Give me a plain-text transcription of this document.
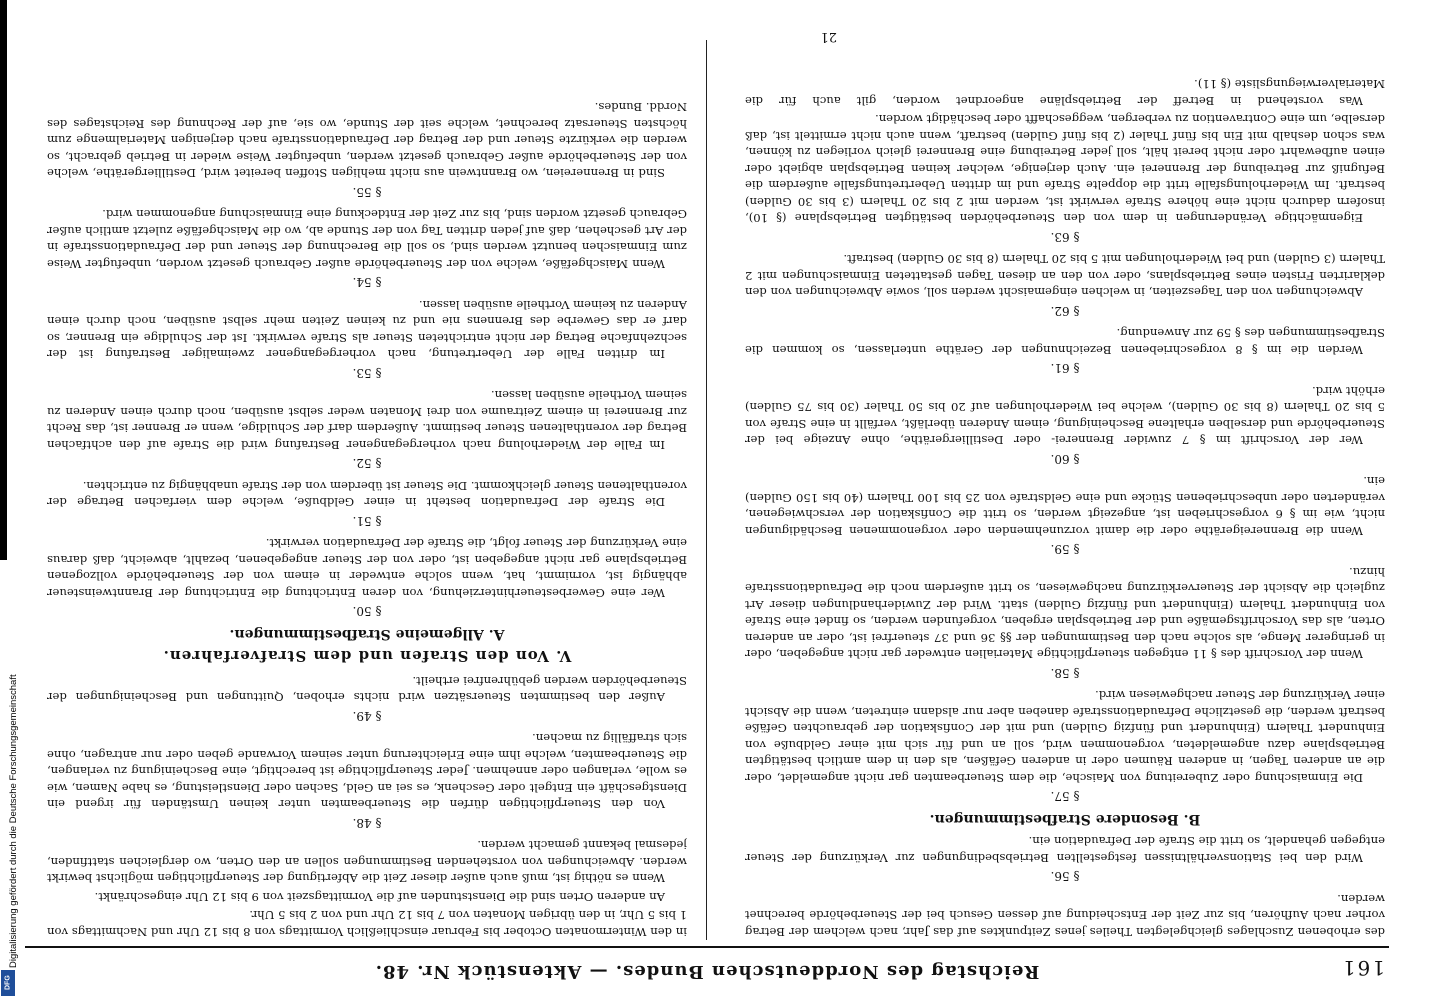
161
Reichstag des Norddeutschen Bundes. — Aktenstück Nr. 48.

des erhobenen Zuschlages gleichgelegten Theiles jenes Zeitpunktes auf das Jahr, nach welchem der Betrag vorher nach Aufhören, bis zur Zeit der Entscheidung auf dessen Gesuch bei der Steuerbehörde berechnet werden.

§ 56.

Wird den bei Stationsverhältnissen festgestellten Betriebsbedingungen zur Verkürzung der Steuer entgegen gehandelt, so tritt die Strafe der Defraudation ein.

B. Besondere Strafbestimmungen.

§ 57.

Die Einmaischung oder Zubereitung von Maische, die dem Steuerbeamten gar nicht angemeldet, oder die an anderen Tagen, in anderen Räumen oder in anderen Gefäßen, als den in dem amtlich bestätigten Betriebsplane dazu angemeldeten, vorgenommen wird, soll an und für sich mit einer Geldbuße von Einhundert Thalern (Einhundert und fünfzig Gulden) und mit der Confiskation der gebrauchten Gefäße bestraft werden, die gesetzliche Defraudationsstrafe daneben aber nur alsdann eintreten, wenn die Absicht einer Verkürzung der Steuer nachgewiesen wird.

§ 58.

Wenn der Vorschrift des § 11 entgegen steuerpflichtige Materialien entweder gar nicht angegeben, oder in geringerer Menge, als solche nach den Bestimmungen der §§ 36 und 37 steuerfrei ist, oder an anderen Orten, als das Vorschriftsgemäße und der Betriebsplan ergeben, vorgefunden werden, so findet eine Strafe von Einhundert Thalern (Einhundert und fünfzig Gulden) statt. Wird der Zuwiderhandlungen dieser Art zugleich die Absicht der Steuerverkürzung nachgewiesen, so tritt außerdem noch die Defraudationsstrafe hinzu.

§ 59.

Wenn die Brennereigeräthe oder die damit vorzunehmenden oder vorgenommenen Beschädigungen nicht, wie im § 6 vorgeschrieben ist, angezeigt werden, so tritt die Confiskation der verschwiegenen, veränderten oder unbeschriebenen Stücke und eine Geldstrafe von 25 bis 100 Thalern (40 bis 150 Gulden) ein.

§ 60.

Wer der Vorschrift im § 7 zuwider Brennerei- oder Destilliergeräthe, ohne Anzeige bei der Steuerbehörde und derselben erhaltene Bescheinigung, einem Anderen überläßt, verfällt in eine Strafe von 5 bis 20 Thalern (8 bis 30 Gulden), welche bei Wiederholungen auf 20 bis 50 Thaler (30 bis 75 Gulden) erhöht wird.

§ 61.

Werden die im § 8 vorgeschriebenen Bezeichnungen der Geräthe unterlassen, so kommen die Strafbestimmungen des § 59 zur Anwendung.

§ 62.

Abweichungen von den Tageszeiten, in welchen eingemaischt werden soll, sowie Abweichungen von den deklarirten Fristen eines Betriebsplans, oder von den an diesen Tagen gestatteten Einmaischungen mit 2 Thalern (3 Gulden) und bei Wiederholungen mit 5 bis 20 Thalern (8 bis 30 Gulden) bestraft.

§ 63.

Eigenmächtige Veränderungen in dem von den Steuerbehörden bestätigten Betriebsplane (§ 10), insofern dadurch nicht eine höhere Strafe verwirkt ist, werden mit 2 bis 20 Thalern (3 bis 30 Gulden) bestraft. Im Wiederholungsfalle tritt die doppelte Strafe und im dritten Uebertretungsfalle außerdem die Befugniß zur Betreibung der Brennerei ein. Auch derjenige, welcher keinen Betriebsplan abgiebt oder einen aufbewahrt oder nicht bereit hält, soll jeder Betreibung eine Brennerei gleich vorliegen zu können, was schon deshalb mit Ein bis fünf Thaler (2 bis fünf Gulden) bestraft, wenn auch nicht ermittelt ist, daß derselbe, um eine Contravention zu verbergen, weggeschafft oder beschädigt worden.

Was vorstehend in Betreff der Betriebspläne angeordnet worden, gilt auch für die Materialverwiegungsliste (§ 11).

in den Wintermonaten October bis Februar einschließlich Vormittags von 8 bis 12 Uhr und Nachmittags von 1 bis 5 Uhr, in den übrigen Monaten von 7 bis 12 Uhr und von 2 bis 5 Uhr.

An anderen Orten sind die Dienststunden auf die Vormittagszeit von 9 bis 12 Uhr eingeschränkt.

Wenn es nöthig ist, muß auch außer dieser Zeit die Abfertigung der Steuerpflichtigen möglichst bewirkt werden. Abweichungen von vorstehenden Bestimmungen sollen an den Orten, wo dergleichen stattfinden, jedesmal bekannt gemacht werden.

§ 48.

Von den Steuerpflichtigen dürfen die Steuerbeamten unter keinen Umständen für irgend ein Dienstgeschäft ein Entgelt oder Geschenk, es sei an Geld, Sachen oder Dienstleistung, es habe Namen, wie es wolle, verlangen oder annehmen. Jeder Steuerpflichtige ist berechtigt, eine Bescheinigung zu verlangen, die Steuerbeamten, welche ihm eine Erleichterung unter seinem Vorwande geben oder nur antragen, ohne sich straffällig zu machen.

§ 49.

Außer den bestimmten Steuersätzen wird nichts erhoben, Quittungen und Bescheinigungen der Steuerbehörden werden gebührenfrei ertheilt.

V. Von den Strafen und dem Strafverfahren.

A. Allgemeine Strafbestimmungen.

§ 50.

Wer eine Gewerbesteuerhinterziehung, von deren Entrichtung die Entrichtung der Branntweinsteuer abhängig ist, vornimmt, hat, wenn solche entweder in einem von der Steuerbehörde vollzogenen Betriebsplane gar nicht angegeben ist, oder von der Steuer angegebenen, bezahlt, abweicht, daß daraus eine Verkürzung der Steuer folgt, die Strafe der Defraudation verwirkt.

§ 51.

Die Strafe der Defraudation besteht in einer Geldbuße, welche dem vierfachen Betrage der vorenthaltenen Steuer gleichkommt. Die Steuer ist überdem von der Strafe unabhängig zu entrichten.

§ 52.

Im Falle der Wiederholung nach vorhergegangener Bestrafung wird die Strafe auf den achtfachen Betrag der vorenthaltenen Steuer bestimmt. Außerdem darf der Schuldige, wenn er Brenner ist, das Recht zur Brennerei in einem Zeitraume von drei Monaten weder selbst ausüben, noch durch einen Anderen zu seinem Vortheile ausüben lassen.

§ 53.

Im dritten Falle der Uebertretung, nach vorhergegangener zweimaliger Bestrafung ist der sechzehnfache Betrag der nicht entrichteten Steuer als Strafe verwirkt. Ist der Schuldige ein Brenner, so darf er das Gewerbe des Brennens nie und zu keinen Zeiten mehr selbst ausüben, noch durch einen Anderen zu keinem Vortheile ausüben lassen.

§ 54.

Wenn Maischgefäße, welche von der Steuerbehörde außer Gebrauch gesetzt worden, unbefugter Weise zum Einmaischen benutzt werden sind, so soll die Berechnung der Steuer und der Defraudationsstrafe in der Art geschehen, daß auf jeden dritten Tag von der Stunde ab, wo die Maischgefäße zuletzt amtlich außer Gebrauch gesetzt worden sind, bis zur Zeit der Entdeckung eine Einmaischung angenommen wird.

§ 55.

Sind in Brennereien, wo Branntwein aus nicht mehligen Stoffen bereitet wird, Destilliergeräthe, welche von der Steuerbehörde außer Gebrauch gesetzt werden, unbefugter Weise wieder in Betrieb gebracht, so werden die verkürzte Steuer und der Betrag der Defraudationsstrafe nach derjenigen Materialmenge zum höchsten Steuersatz berechnet, welche seit der Stunde, wo sie, auf der Rechnung des Reichstages des Nordd. Bundes.

21
Digitalisierung gefördert durch die Deutsche Forschungsgemeinschaft
DFG
